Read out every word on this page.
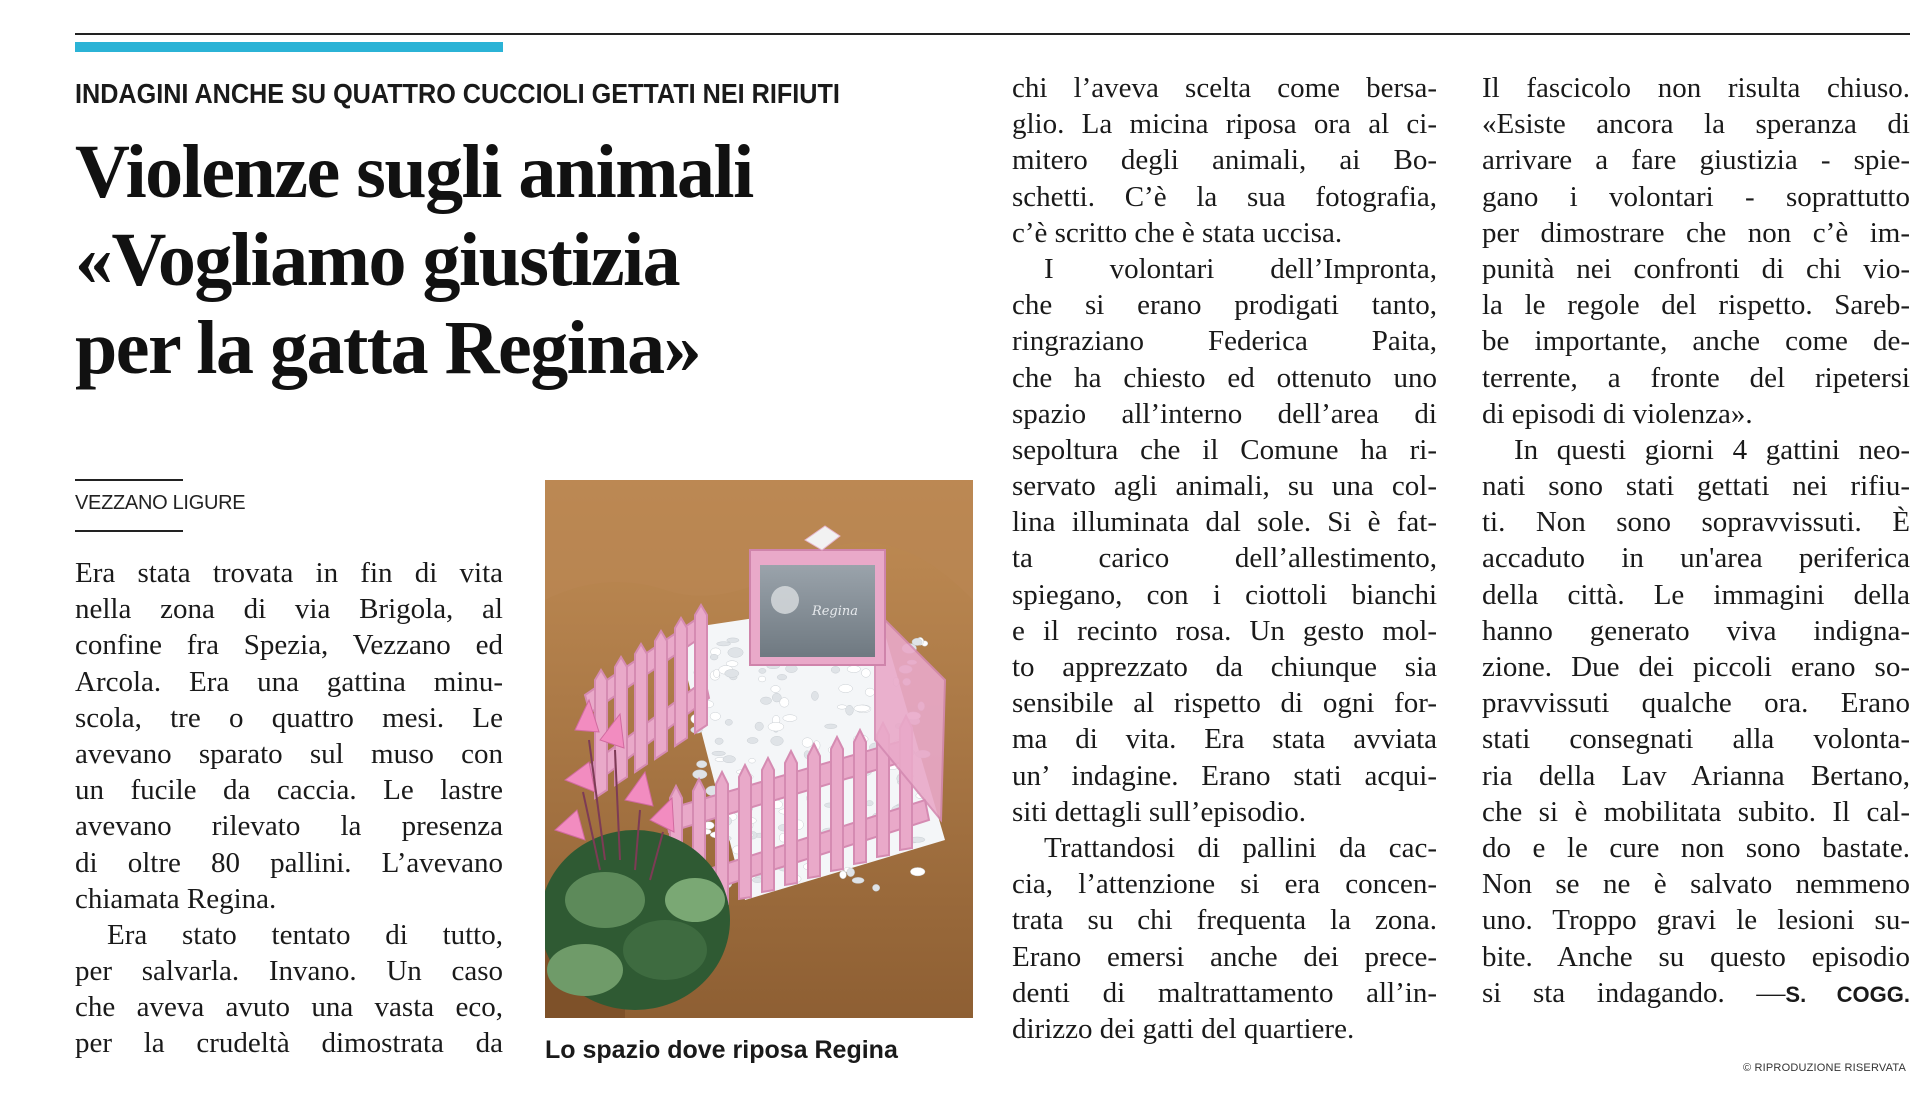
INDAGINI ANCHE SU QUATTRO CUCCIOLI GETTATI NEI RIFIUTI
Violenze sugli animali
«Vogliamo giustizia
per la gatta Regina»
VEZZANO LIGURE
Era stata trovata in fin di vita
nella zona di via Brigola, al
confine fra Spezia, Vezzano ed
Arcola. Era una gattina minu-
scola, tre o quattro mesi. Le
avevano sparato sul muso con
un fucile da caccia. Le lastre
avevano rilevato la presenza
di oltre 80 pallini. L’avevano
chiamata Regina.
Era stato tentato di tutto,
per salvarla. Invano. Un caso
che aveva avuto una vasta eco,
per la crudeltà dimostrata da
Regina
Lo spazio dove riposa Regina
chi l’aveva scelta come bersa-
glio. La micina riposa ora al ci-
mitero degli animali, ai Bo-
schetti. C’è la sua fotografia,
c’è scritto che è stata uccisa.
I volontari dell’Impronta,
che si erano prodigati tanto,
ringraziano Federica Paita,
che ha chiesto ed ottenuto uno
spazio all’interno dell’area di
sepoltura che il Comune ha ri-
servato agli animali, su una col-
lina illuminata dal sole. Si è fat-
ta carico dell’allestimento,
spiegano, con i ciottoli bianchi
e il recinto rosa. Un gesto mol-
to apprezzato da chiunque sia
sensibile al rispetto di ogni for-
ma di vita. Era stata avviata
un’ indagine. Erano stati acqui-
siti dettagli sull’episodio.
Trattandosi di pallini da cac-
cia, l’attenzione si era concen-
trata su chi frequenta la zona.
Erano emersi anche dei prece-
denti di maltrattamento all’in-
dirizzo dei gatti del quartiere.
Il fascicolo non risulta chiuso.
«Esiste ancora la speranza di
arrivare a fare giustizia - spie-
gano i volontari - soprattutto
per dimostrare che non c’è im-
punità nei confronti di chi vio-
la le regole del rispetto. Sareb-
be importante, anche come de-
terrente, a fronte del ripetersi
di episodi di violenza».
In questi giorni 4 gattini neo-
nati sono stati gettati nei rifiu-
ti. Non sono sopravvissuti. È
accaduto in un'area periferica
della città. Le immagini della
hanno generato viva indigna-
zione. Due dei piccoli erano so-
pravvissuti qualche ora. Erano
stati consegnati alla volonta-
ria della Lav Arianna Bertano,
che si è mobilitata subito. Il cal-
do e le cure non sono bastate.
Non se ne è salvato nemmeno
uno. Troppo gravi le lesioni su-
bite. Anche su questo episodio
si sta indagando. —S. COGG.
© RIPRODUZIONE RISERVATA
